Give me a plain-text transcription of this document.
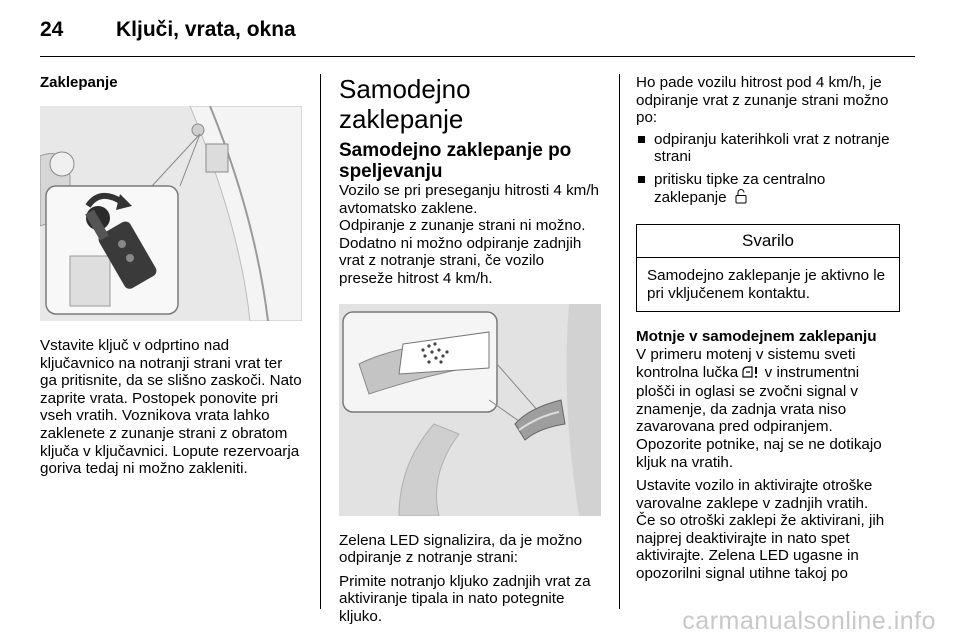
24	Ključi, vrata, okna

Zaklepanje

Vstavite ključ v odprtino nad ključavnico na notranji strani vrat ter ga pritisnite, da se slišno zaskoči. Nato zaprite vrata. Postopek ponovite pri vseh vratih. Voznikova vrata lahko zaklenete z zunanje strani z obratom ključa v ključavnici. Lopute rezervoarja goriva tedaj ni možno zakleniti.

Samodejno zaklepanje
Samodejno zaklepanje po speljevanju

Vozilo se pri preseganju hitrosti 4 km/h avtomatsko zaklene.

Odpiranje z zunanje strani ni možno.

Dodatno ni možno odpiranje zadnjih vrat z notranje strani, če vozilo preseže hitrost 4 km/h.

Zelena LED signalizira, da je možno odpiranje z notranje strani:

Primite notranjo kljuko zadnjih vrat za aktiviranje tipala in nato potegnite kljuko.

Ho pade vozilu hitrost pod 4 km/h, je odpiranje vrat z zunanje strani možno po:

odpiranju katerihkoli vrat z notranje strani
pritisku tipke za centralno zaklepanje
Svarilo
Samodejno zaklepanje je aktivno le pri vključenem kontaktu.

Motnje v samodejnem zaklepanju

V primeru motenj v sistemu sveti kontrolna lučka v instrumentni plošči in oglasi se zvočni signal v znamenje, da zadnja vrata niso zavarovana pred odpiranjem.

Opozorite potnike, naj se ne dotikajo kljuk na vratih.

Ustavite vozilo in aktivirajte otroške varovalne zaklepe v zadnjih vratih.

Če so otroški zaklepi že aktivirani, jih najprej deaktivirajte in nato spet aktivirajte. Zelena LED ugasne in opozorilni signal utihne takoj po

carmanualsonline.info
